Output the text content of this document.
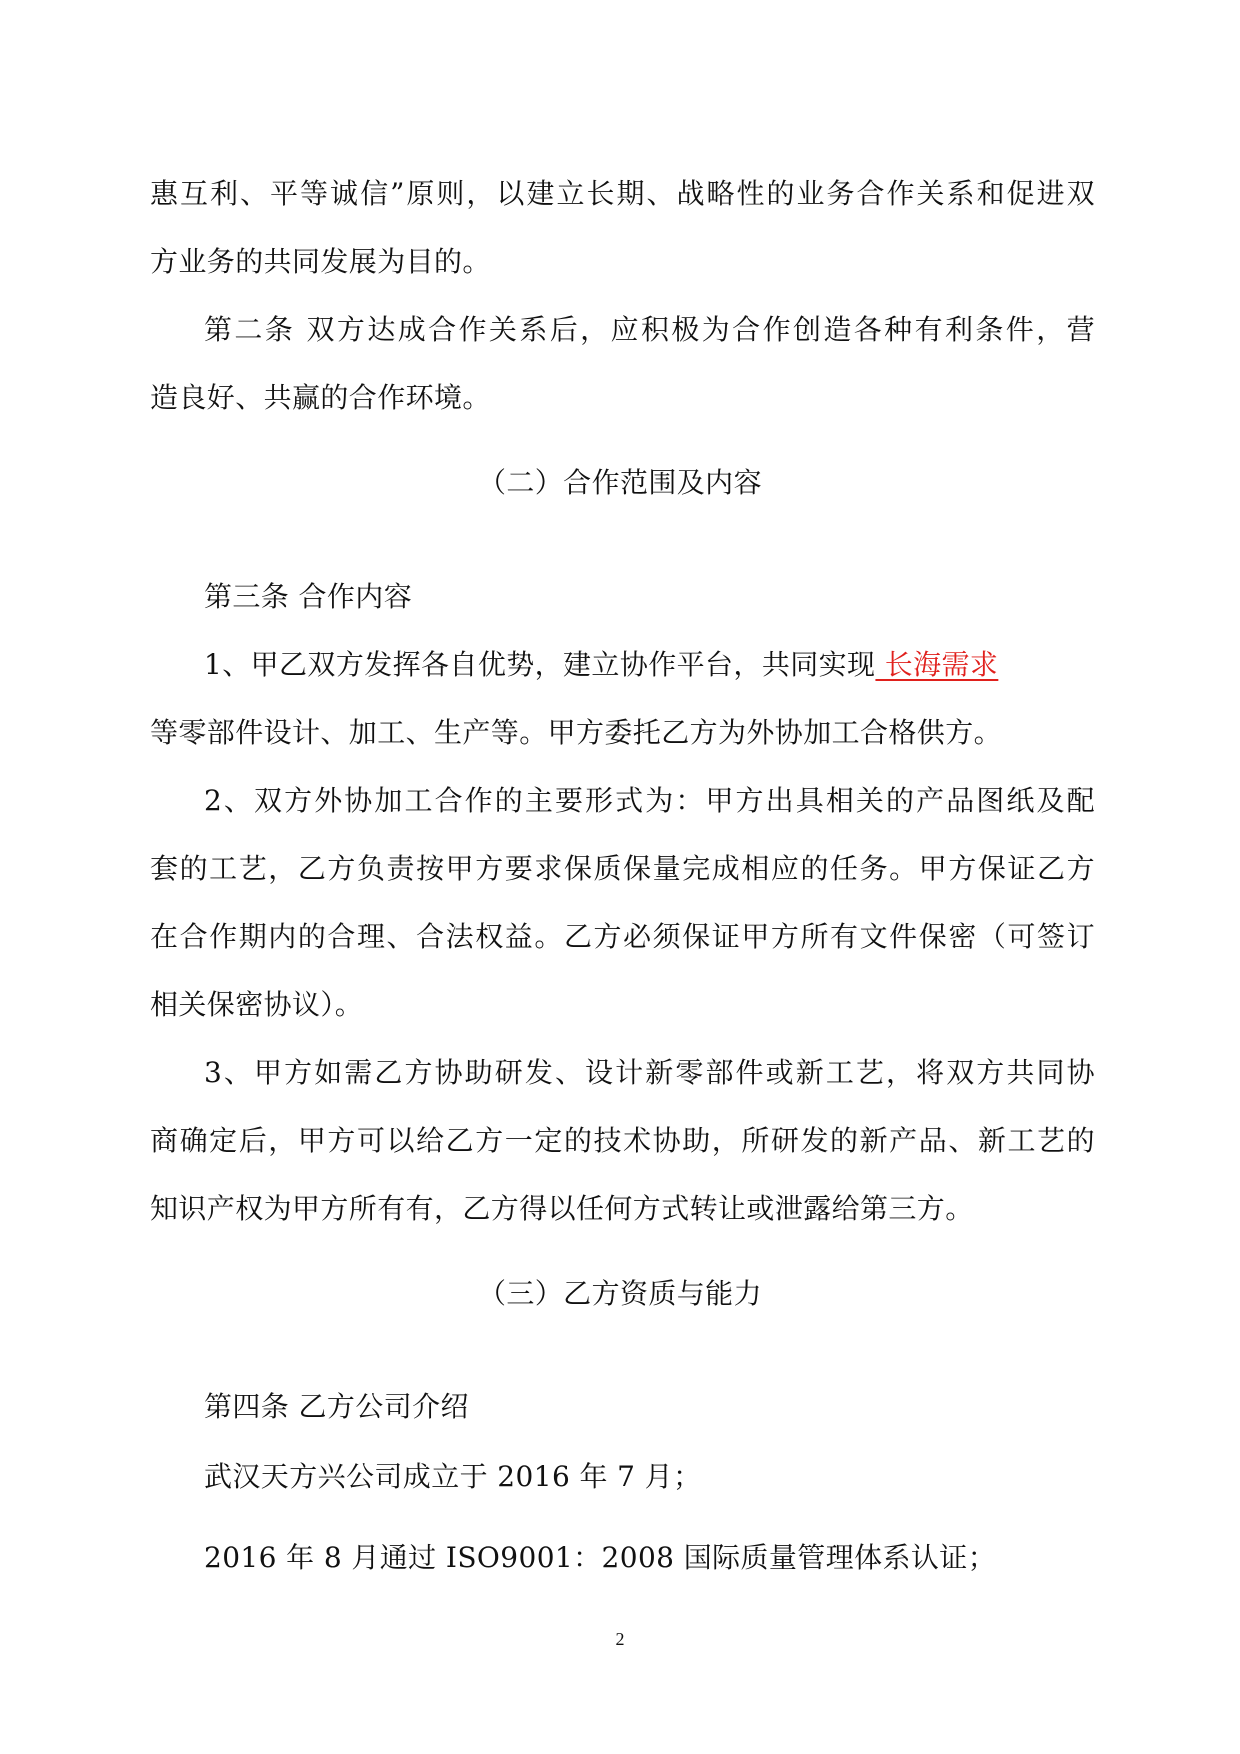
惠互利、平等诚信”原则，以建立长期、战略性的业务合作关系和促进双
方业务的共同发展为目的。
第二条 双方达成合作关系后，应积极为合作创造各种有利条件，营
造良好、共赢的合作环境。
（二）合作范围及内容
第三条 合作内容
1、甲乙双方发挥各自优势，建立协作平台，共同实现 长海需求
等零部件设计、加工、生产等。甲方委托乙方为外协加工合格供方。
2、双方外协加工合作的主要形式为：甲方出具相关的产品图纸及配
套的工艺，乙方负责按甲方要求保质保量完成相应的任务。甲方保证乙方
在合作期内的合理、合法权益。乙方必须保证甲方所有文件保密（可签订
相关保密协议）。
3、甲方如需乙方协助研发、设计新零部件或新工艺，将双方共同协
商确定后，甲方可以给乙方一定的技术协助，所研发的新产品、新工艺的
知识产权为甲方所有有，乙方得以任何方式转让或泄露给第三方。
（三）乙方资质与能力
第四条 乙方公司介绍
武汉天方兴公司成立于 2016 年 7 月；
2016 年 8 月通过 ISO9001：2008 国际质量管理体系认证；
2
